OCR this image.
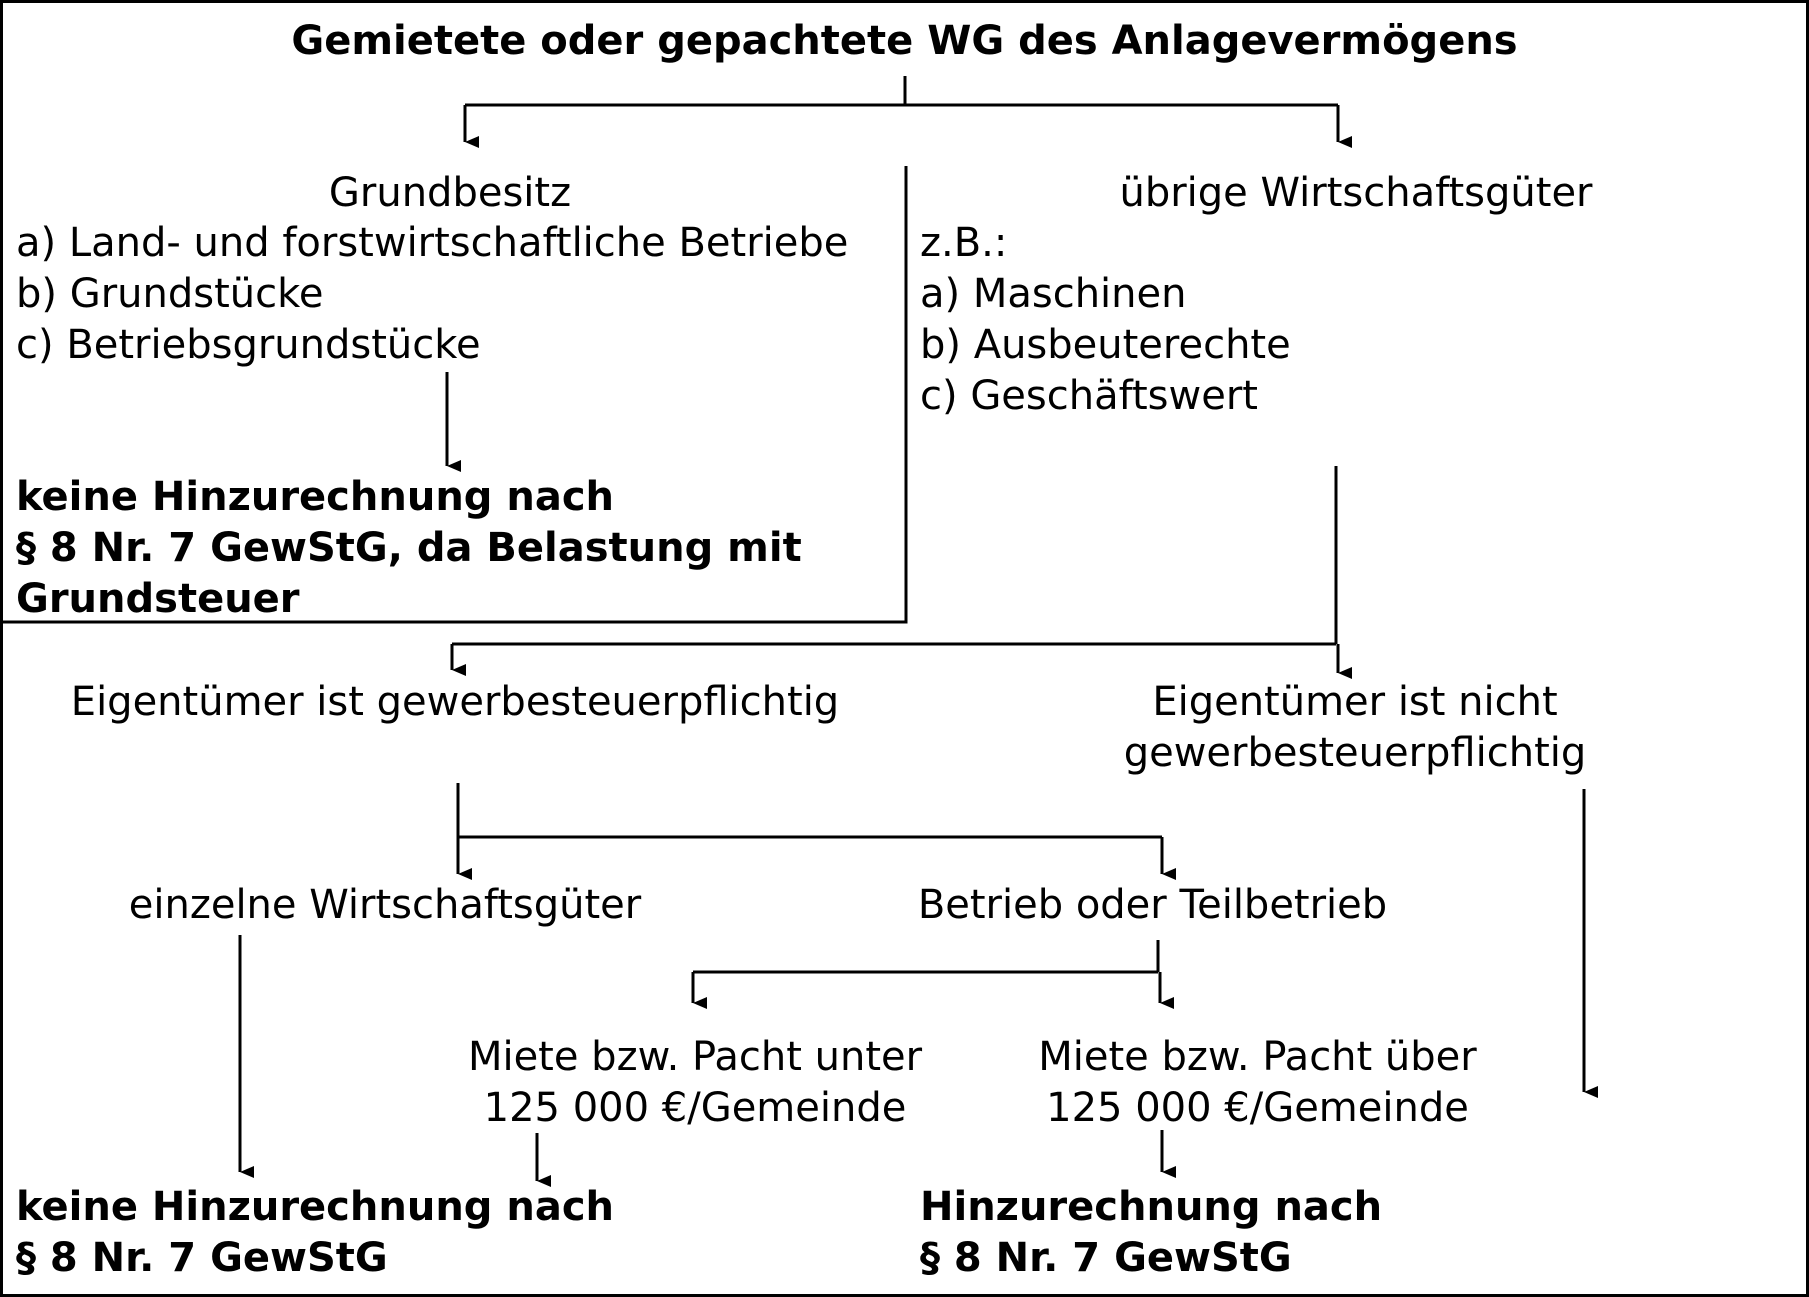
Gemietete oder gepachtete WG des Anlagevermögens
Grundbesitz
a) Land- und forstwirtschaftliche Betriebe
b) Grundstücke
c) Betriebsgrundstücke
keine Hinzurechnung nach
§ 8 Nr. 7 GewStG, da Belastung mit
Grundsteuer
übrige Wirtschaftsgüter
z.B.:
a) Maschinen
b) Ausbeuterechte
c) Geschäftswert
Eigentümer ist gewerbesteuerpflichtig	Eigentümer ist nicht
gewerbesteuerpflichtig
einzelne Wirtschaftsgüter	Betrieb oder Teilbetrieb
Miete bzw. Pacht unter
125 000 €/Gemeinde
Miete bzw. Pacht über
125 000 €/Gemeinde
keine Hinzurechnung nach
§ 8 Nr. 7 GewStG
Hinzurechnung nach
§ 8 Nr. 7 GewStG
